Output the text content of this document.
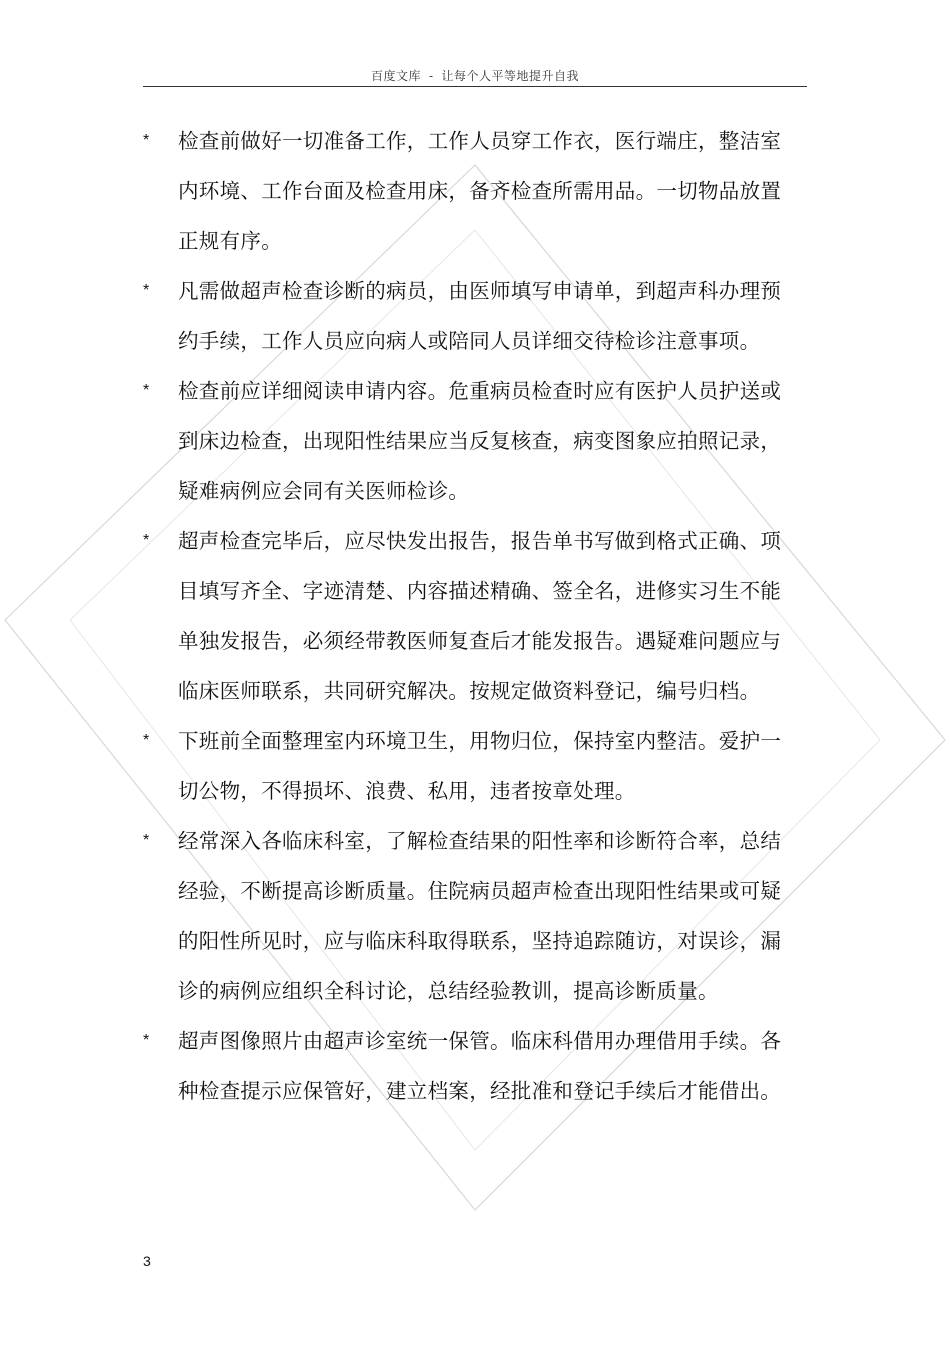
百度文库 - 让每个人平等地提升自我
*	检查前做好一切准备工作，工作人员穿工作衣，医行端庄，整洁室内环境、工作台面及检查用床，备齐检查所需用品。一切物品放置正规有序。
*	凡需做超声检查诊断的病员，由医师填写申请单，到超声科办理预约手续，工作人员应向病人或陪同人员详细交待检诊注意事项。
*	检查前应详细阅读申请内容。危重病员检查时应有医护人员护送或到床边检查，出现阳性结果应当反复核查，病变图象应拍照记录，疑难病例应会同有关医师检诊。
*	超声检查完毕后，应尽快发出报告，报告单书写做到格式正确、项目填写齐全、字迹清楚、内容描述精确、签全名，进修实习生不能单独发报告，必须经带教医师复查后才能发报告。遇疑难问题应与临床医师联系，共同研究解决。按规定做资料登记，编号归档。
*	下班前全面整理室内环境卫生，用物归位，保持室内整洁。爱护一切公物，不得损坏、浪费、私用，违者按章处理。
*	经常深入各临床科室，了解检查结果的阳性率和诊断符合率，总结经验，不断提高诊断质量。住院病员超声检查出现阳性结果或可疑的阳性所见时，应与临床科取得联系，坚持追踪随访，对误诊，漏诊的病例应组织全科讨论，总结经验教训，提高诊断质量。
*	超声图像照片由超声诊室统一保管。临床科借用办理借用手续。各种检查提示应保管好，建立档案，经批准和登记手续后才能借出。
3
